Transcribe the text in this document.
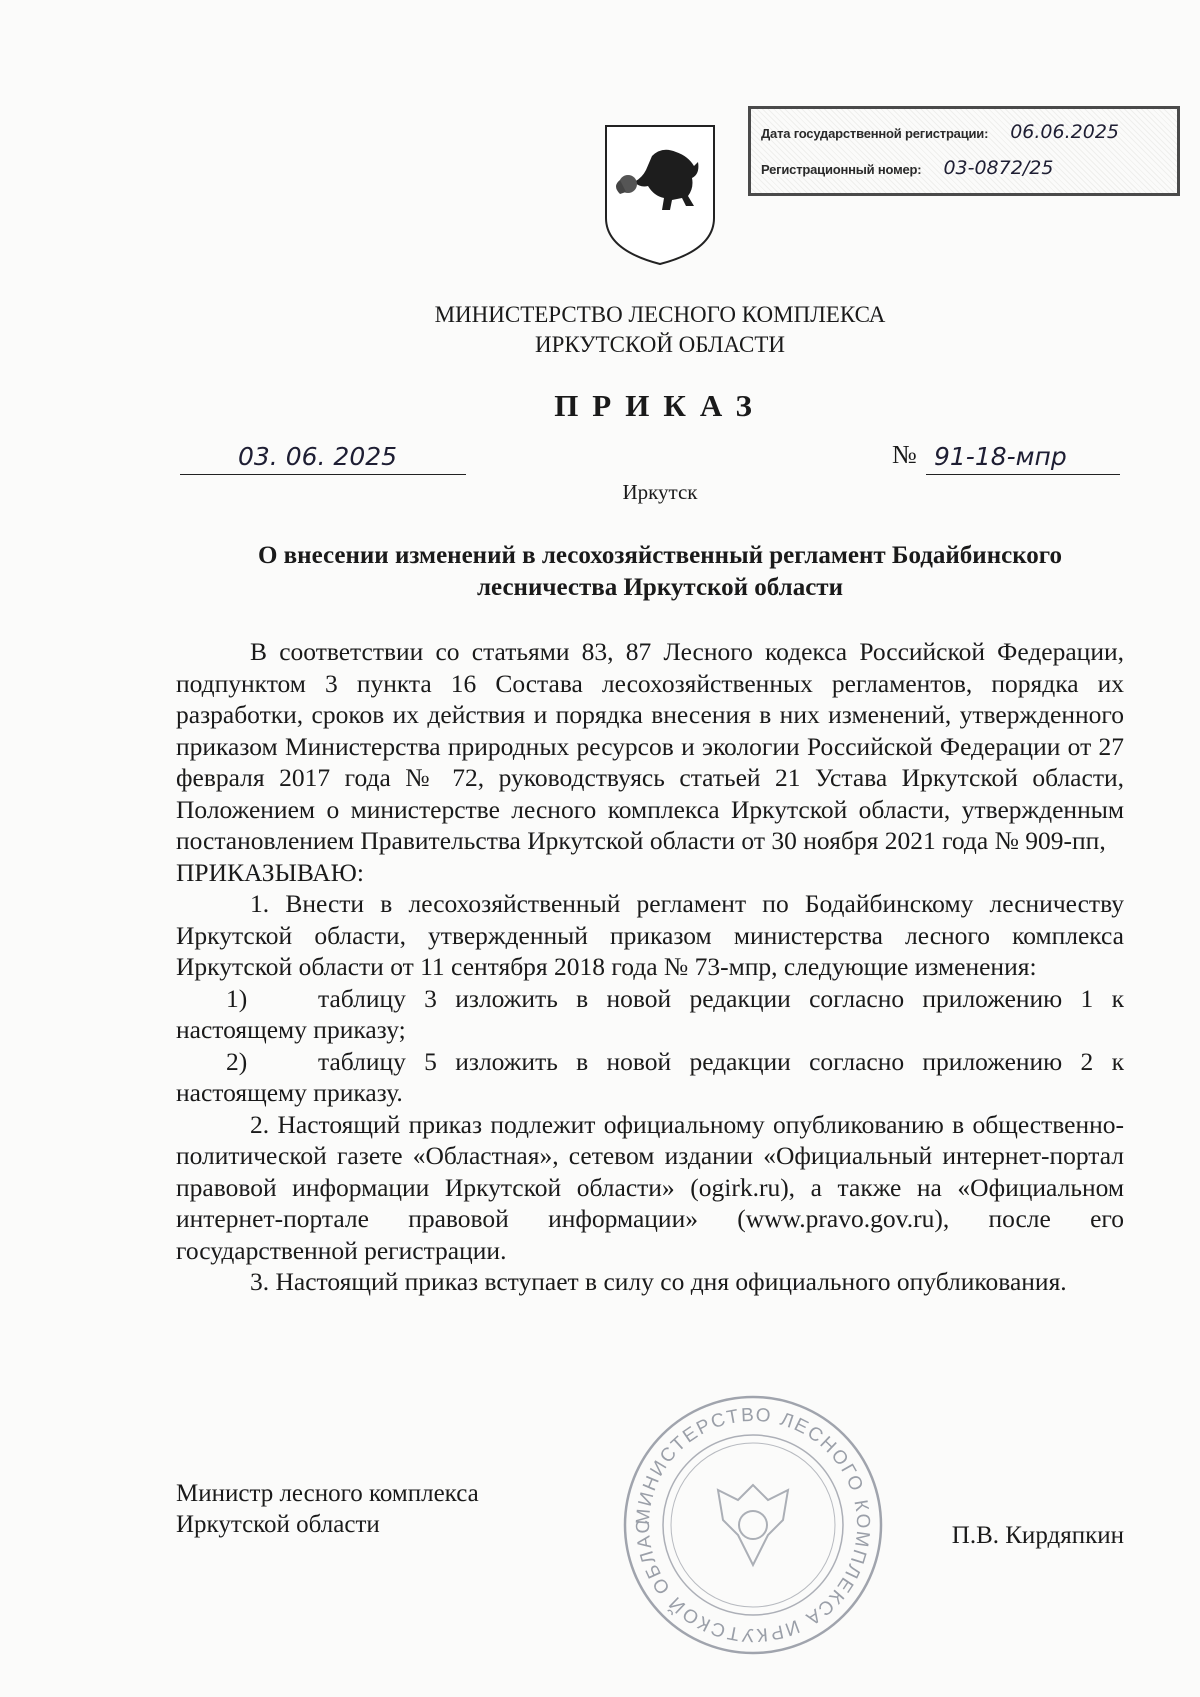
Дата государственной регистрации: 06.06.2025
Регистрационный номер: 03-0872/25
МИНИСТЕРСТВО ЛЕСНОГО КОМПЛЕКСА
ИРКУТСКОЙ ОБЛАСТИ
ПРИКАЗ
03. 06. 2025	№ 91-18-мпр
Иркутск
О внесении изменений в лесохозяйственный регламент Бодайбинского
лесничества Иркутской области

В соответствии со статьями 83, 87 Лесного кодекса Российской Федерации, подпунктом 3 пункта 16 Состава лесохозяйственных регламентов, порядка их разработки, сроков их действия и порядка внесения в них изменений, утвержденного приказом Министерства природных ресурсов и экологии Российской Федерации от 27 февраля 2017 года № 72, руководствуясь статьей 21 Устава Иркутской области, Положением о министерстве лесного комплекса Иркутской области, утвержденным постановлением Правительства Иркутской области от 30 ноября 2021 года № 909-пп,

ПРИКАЗЫВАЮ:

1. Внести в лесохозяйственный регламент по Бодайбинскому лесничеству Иркутской области, утвержденный приказом министерства лесного комплекса Иркутской области от 11 сентября 2018 года № 73-мпр, следующие изменения:

1)	таблицу 3 изложить в новой редакции согласно приложению 1 к настоящему приказу;

2)	таблицу 5 изложить в новой редакции согласно приложению 2 к настоящему приказу.

2. Настоящий приказ подлежит официальному опубликованию в общественно-политической газете «Областная», сетевом издании «Официальный интернет-портал правовой информации Иркутской области» (ogirk.ru), а также на «Официальном интернет-портале правовой информации» (www.pravo.gov.ru), после его государственной регистрации.

3. Настоящий приказ вступает в силу со дня официального опубликования.

МИНИСТЕРСТВО ЛЕСНОГО КОМПЛЕКСА ИРКУТСКОЙ ОБЛАС
Министр лесного комплекса
Иркутской области	П.В. Кирдяпкин
